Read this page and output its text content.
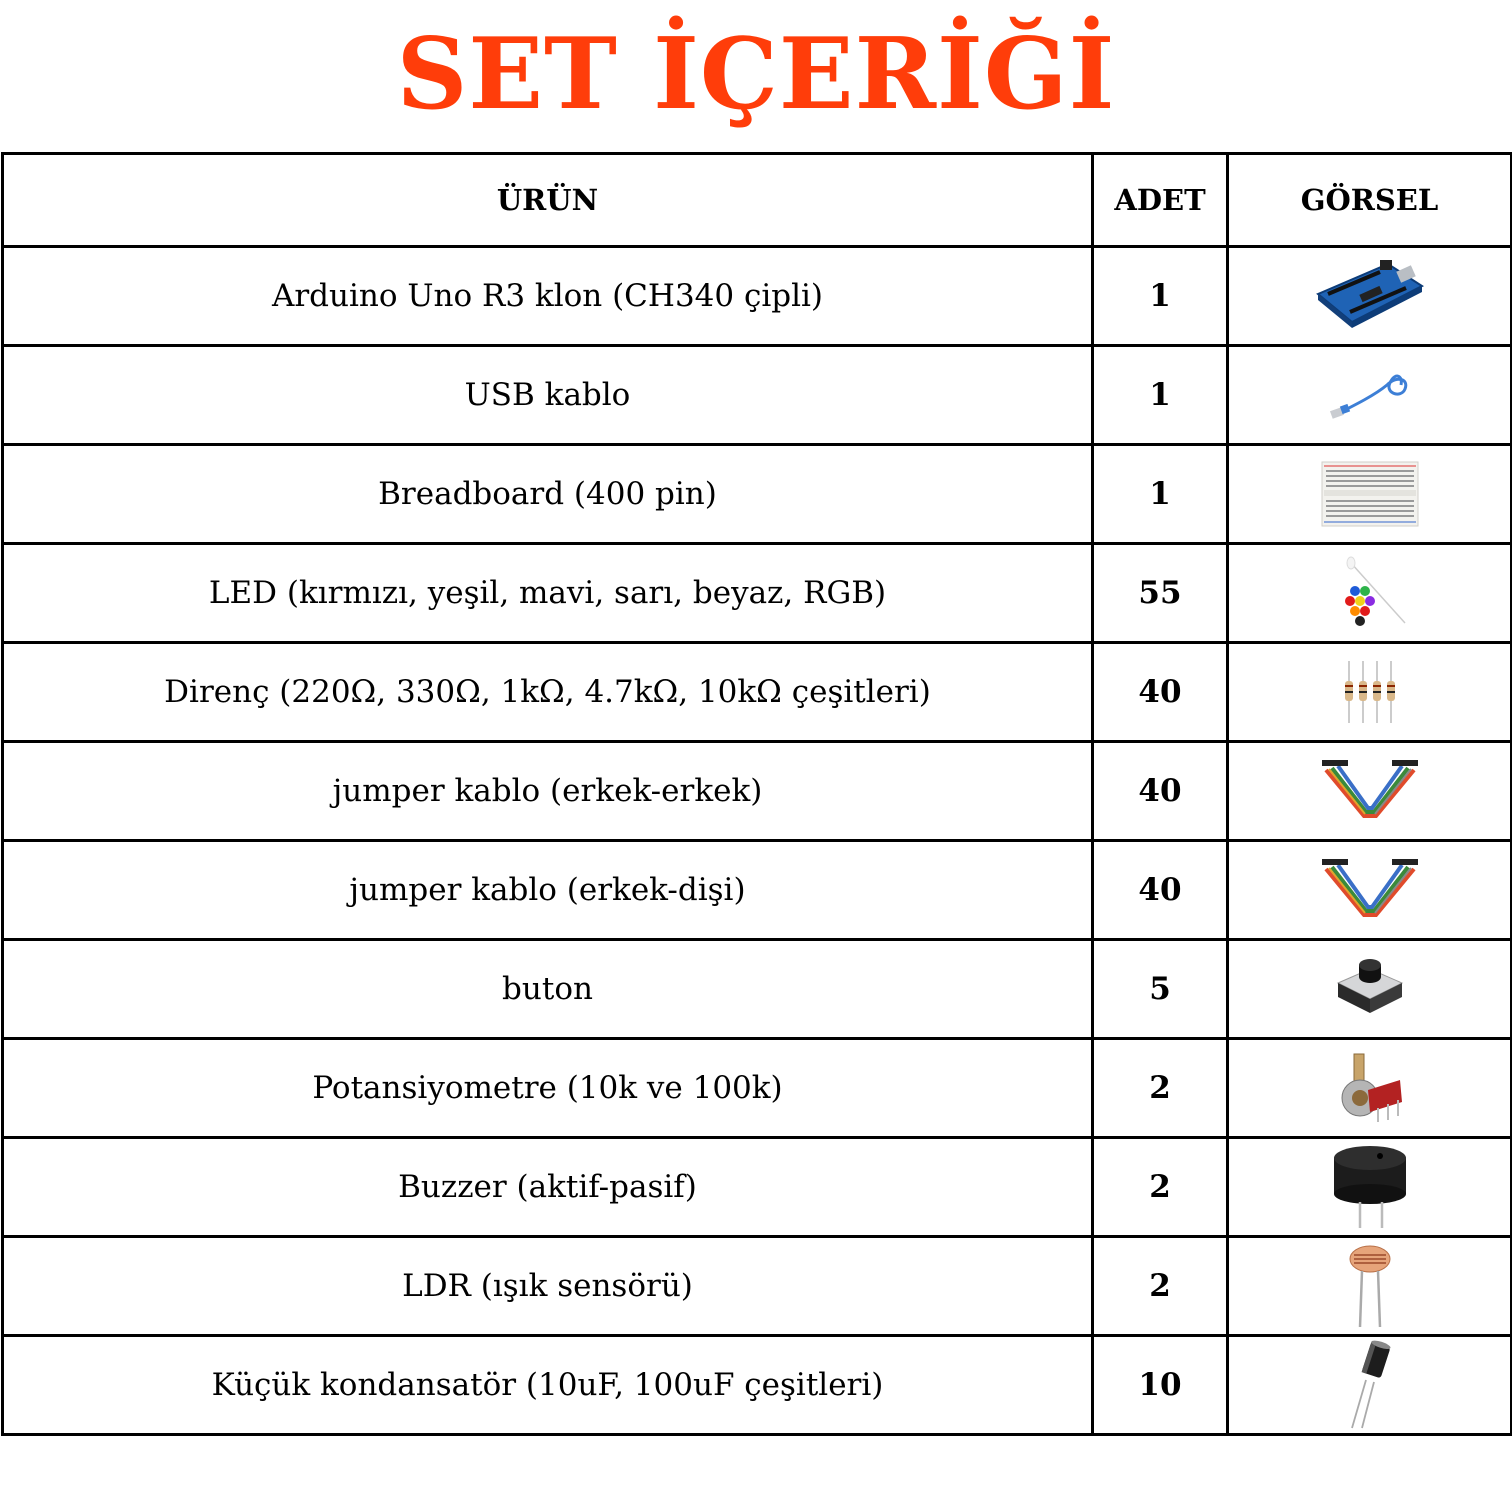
SET İÇERİĞİ
ÜRÜN	ADET	GÖRSEL
Arduino Uno R3 klon (CH340 çipli)	1	

USB kablo	1	

Breadboard (400 pin)	1	

LED (kırmızı, yeşil, mavi, sarı, beyaz, RGB)	55	

Direnç (220Ω, 330Ω, 1kΩ, 4.7kΩ, 10kΩ çeşitleri)	40	

jumper kablo (erkek-erkek)	40	

jumper kablo (erkek-dişi)	40	

buton	5	

Potansiyometre (10k ve 100k)	2	

Buzzer (aktif-pasif)	2	

LDR (ışık sensörü)	2	

Küçük kondansatör (10uF, 100uF çeşitleri)	10	
